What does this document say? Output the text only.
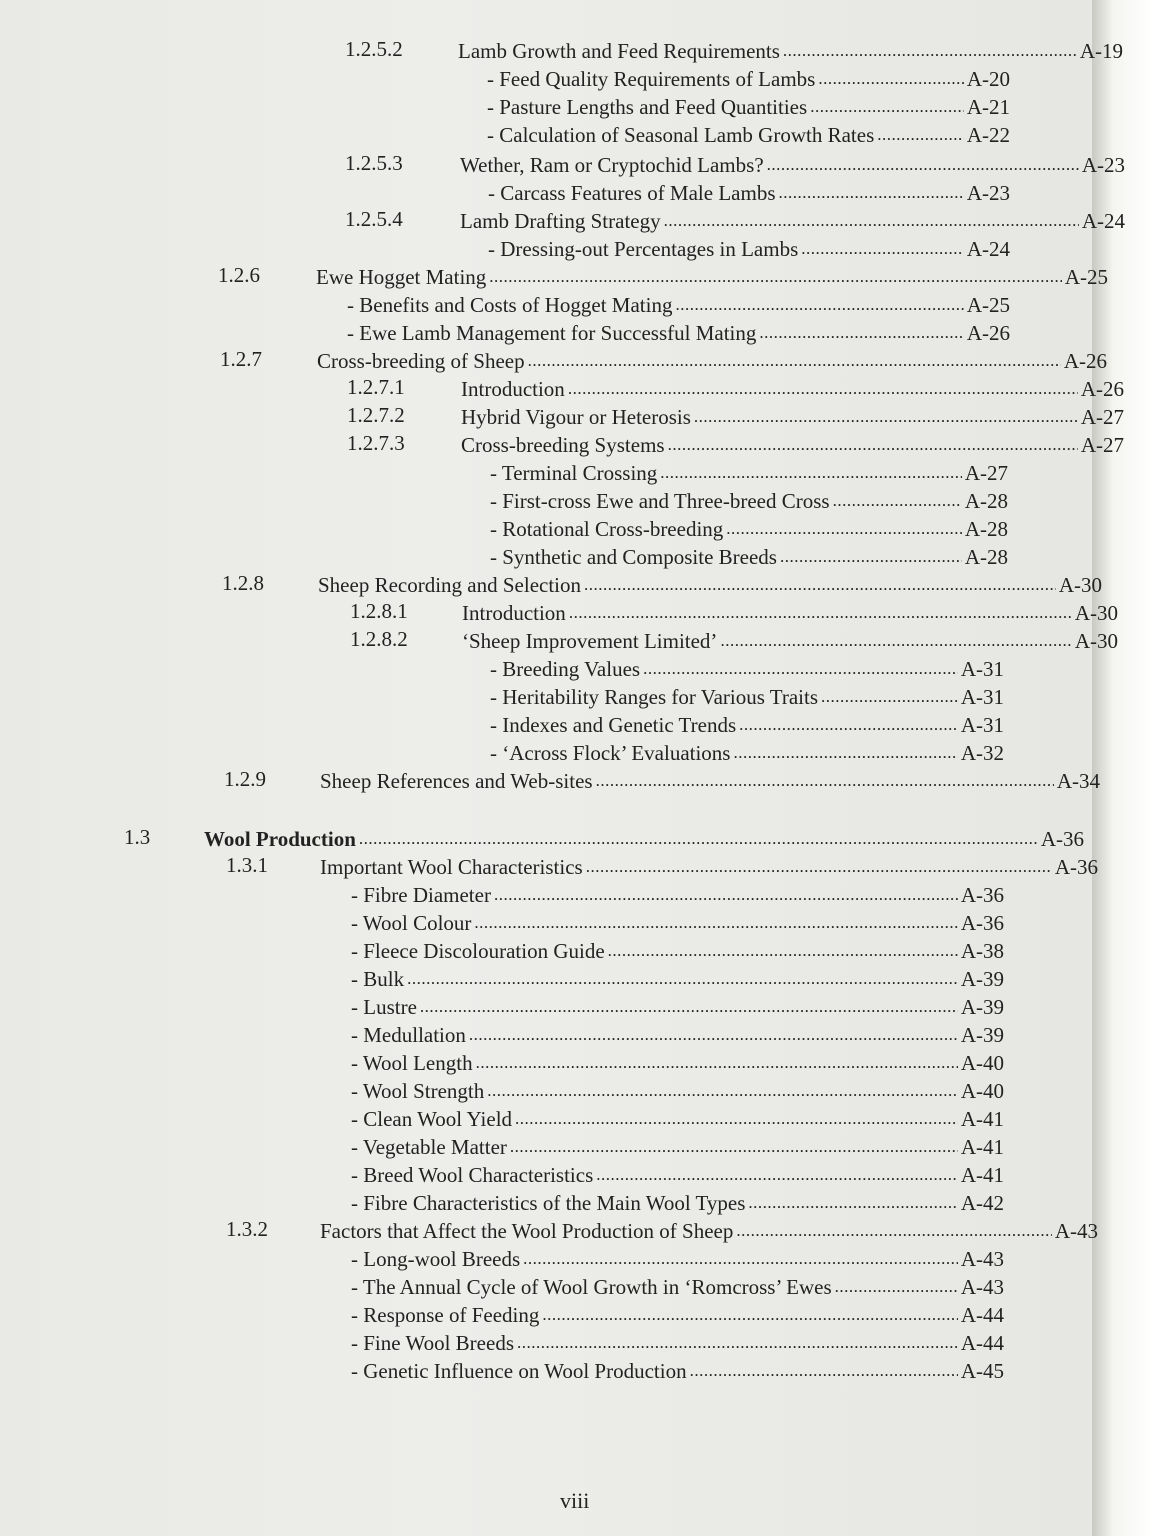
1.2.5.2	Lamb Growth and Feed Requirements .....	A-19
- Feed Quality Requirements of Lambs .....	A-20
- Pasture Lengths and Feed Quantities .....	A-21
- Calculation of Seasonal Lamb Growth Rates .....	A-22
1.2.5.3	Wether, Ram or Cryptochid Lambs? .....	A-23
- Carcass Features of Male Lambs .....	A-23
1.2.5.4	Lamb Drafting Strategy .....	A-24
- Dressing-out Percentages in Lambs .....	A-24
1.2.6	Ewe Hogget Mating .....	A-25
- Benefits and Costs of Hogget Mating .....	A-25
- Ewe Lamb Management for Successful Mating .....	A-26
1.2.7	Cross-breeding of Sheep .....	A-26
1.2.7.1	Introduction .....	A-26
1.2.7.2	Hybrid Vigour or Heterosis .....	A-27
1.2.7.3	Cross-breeding Systems .....	A-27
- Terminal Crossing .....	A-27
- First-cross Ewe and Three-breed Cross .....	A-28
- Rotational Cross-breeding .....	A-28
- Synthetic and Composite Breeds .....	A-28
1.2.8	Sheep Recording and Selection .....	A-30
1.2.8.1	Introduction .....	A-30
1.2.8.2	‘Sheep Improvement Limited’ .....	A-30
- Breeding Values .....	A-31
- Heritability Ranges for Various Traits .....	A-31
- Indexes and Genetic Trends .....	A-31
- ‘Across Flock’ Evaluations .....	A-32
1.2.9	Sheep References and Web-sites .....	A-34
1.3	Wool Production .....	A-36
1.3.1 Important Wool Characteristics .....	A-36
- Fibre Diameter .....	A-36
- Wool Colour .....	A-36
- Fleece Discolouration Guide .....	A-38
- Bulk .....	A-39
- Lustre .....	A-39
- Medullation .....	A-39
- Wool Length .....	A-40
- Wool Strength .....	A-40
- Clean Wool Yield .....	A-41
- Vegetable Matter .....	A-41
- Breed Wool Characteristics .....	A-41
- Fibre Characteristics of the Main Wool Types .....	A-42
1.3.2 Factors that Affect the Wool Production of Sheep .....	A-43
- Long-wool Breeds .....	A-43
- The Annual Cycle of Wool Growth in ‘Romcross’ Ewes .....	A-43
- Response of Feeding .....	A-44
- Fine Wool Breeds .....	A-44
- Genetic Influence on Wool Production .....	A-45
viii
